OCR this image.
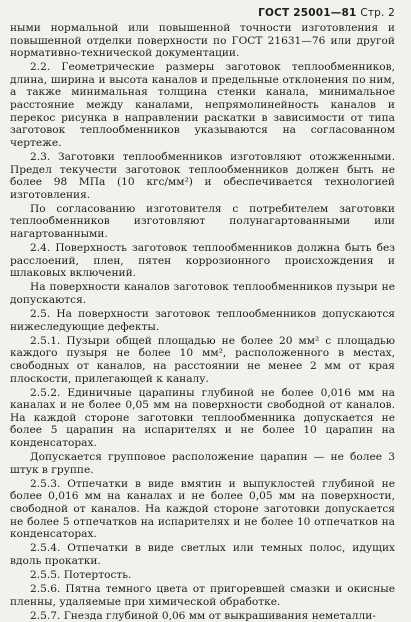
ГОСТ 25001—81 Стр. 2

ными нормальной или повышенной точности изготовления и повышенной отделки поверхности по ГОСТ 21631—76 или другой нормативно-технической документации.

2.2. Геометрические размеры заготовок теплообменников, длина, ширина и высота каналов и предельные отклонения по ним, а также минимальная толщина стенки канала, минимальное расстояние между каналами, непрямолинейность каналов и перекос рисунка в направлении раскатки в зависимости от типа заготовок теплообменников указываются на согласованном чертеже.

2.3. Заготовки теплообменников изготовляют отожженными. Предел текучести заготовок теплообменников должен быть не более 98 МПа (10 кгс/мм²) и обеспечивается технологией изготовления.

По согласованию изготовителя с потребителем заготовки теплообменников изготовляют полунагартованными или нагартованными.

2.4. Поверхность заготовок теплообменников должна быть без расслоений, плен, пятен коррозионного происхождения и шлаковых включений.

На поверхности каналов заготовок теплообменников пузыри не допускаются.

2.5. На поверхности заготовок теплообменников допускаются нижеследующие дефекты.

2.5.1. Пузыри общей площадью не более 20 мм² с площадью каждого пузыря не более 10 мм², расположенного в местах, свободных от каналов, на расстоянии не менее 2 мм от края плоскости, прилегающей к каналу.

2.5.2. Единичные царапины глубиной не более 0,016 мм на каналах и не более 0,05 мм на поверхности свободной от каналов. На каждой стороне заготовки теплообменника допускается не более 5 царапин на испарителях и не более 10 царапин на конденсаторах.

Допускается групповое расположение царапин — не более 3 штук в группе.

2.5.3. Отпечатки в виде вмятин и выпуклостей глубиной не более 0,016 мм на каналах и не более 0,05 мм на поверхности, свободной от каналов. На каждой стороне заготовки допускается не более 5 отпечатков на испарителях и не более 10 отпечатков на конденсаторах.

2.5.4. Отпечатки в виде светлых или темных полос, идущих вдоль прокатки.

2.5.5. Потертость.

2.5.6. Пятна темного цвета от пригоревшей смазки и окисные пленны, удаляемые при химической обработке.

2.5.7. Гнезда глубиной 0,06 мм от выкрашивания неметалли-
